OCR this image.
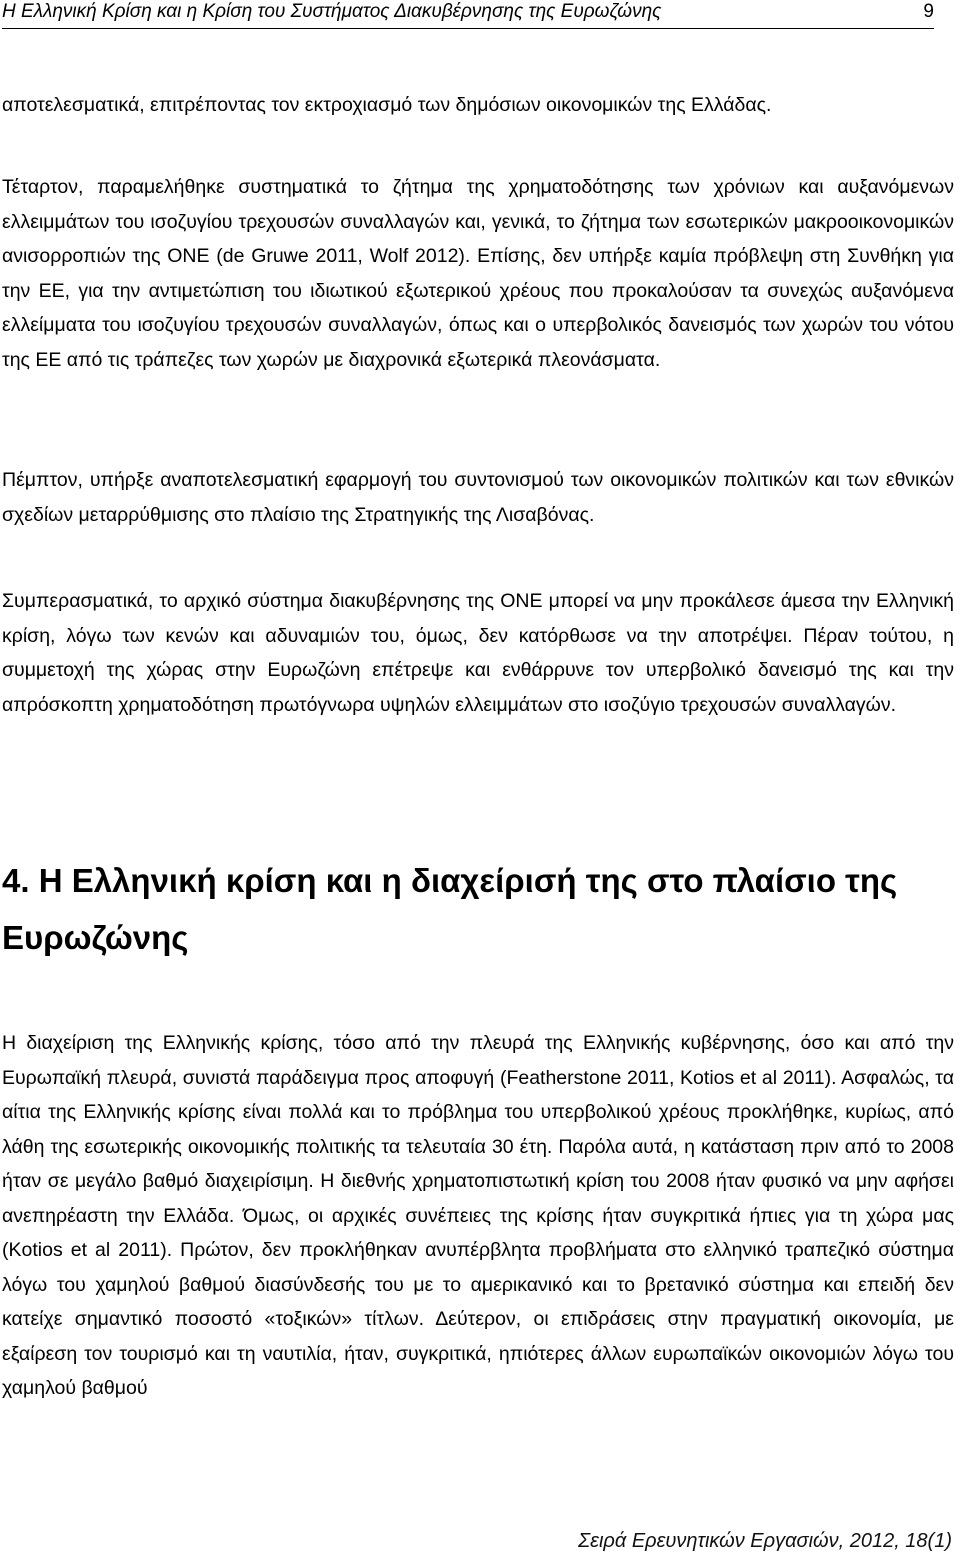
Η Ελληνική Κρίση και η Κρίση του Συστήματος Διακυβέρνησης της Ευρωζώνης	9

αποτελεσματικά, επιτρέποντας τον εκτροχιασμό των δημόσιων οικονομικών της Ελλάδας.

Τέταρτον, παραμελήθηκε συστηματικά το ζήτημα της χρηματοδότησης των χρόνιων και αυξανόμενων ελλειμμάτων του ισοζυγίου τρεχουσών συναλλαγών και, γενικά, το ζήτημα των εσωτερικών μακροοικονομικών ανισορροπιών της ΟΝΕ (de Gruwe 2011, Wolf 2012). Επίσης, δεν υπήρξε καμία πρόβλεψη στη Συνθήκη για την ΕΕ, για την αντιμετώπιση του ιδιωτικού εξωτερικού χρέους που προκαλούσαν τα συνεχώς αυξανόμενα ελλείμματα του ισοζυγίου τρεχουσών συναλλαγών, όπως και ο υπερβολικός δανεισμός των χωρών του νότου της ΕΕ από τις τράπεζες των χωρών με διαχρονικά εξωτερικά πλεονάσματα.

Πέμπτον, υπήρξε αναποτελεσματική εφαρμογή του συντονισμού των οικονομικών πολιτικών και των εθνικών σχεδίων μεταρρύθμισης στο πλαίσιο της Στρατηγικής της Λισαβόνας.

Συμπερασματικά, το αρχικό σύστημα διακυβέρνησης της ΟΝΕ μπορεί να μην προκάλεσε άμεσα την Ελληνική κρίση, λόγω των κενών και αδυναμιών του, όμως, δεν κατόρθωσε να την αποτρέψει. Πέραν τούτου, η συμμετοχή της χώρας στην Ευρωζώνη επέτρεψε και ενθάρρυνε τον υπερβολικό δανεισμό της και την απρόσκοπτη χρηματοδότηση πρωτόγνωρα υψηλών ελλειμμάτων στο ισοζύγιο τρεχουσών συναλλαγών.

4. Η Ελληνική κρίση και η διαχείρισή της στο πλαίσιο της Ευρωζώνης

Η διαχείριση της Ελληνικής κρίσης, τόσο από την πλευρά της Ελληνικής κυβέρνησης, όσο και από την Ευρωπαϊκή πλευρά, συνιστά παράδειγμα προς αποφυγή (Featherstone 2011, Kotios et al 2011). Ασφαλώς, τα αίτια της Ελληνικής κρίσης είναι πολλά και το πρόβλημα του υπερβολικού χρέους προκλήθηκε, κυρίως, από λάθη της εσωτερικής οικονομικής πολιτικής τα τελευταία 30 έτη. Παρόλα αυτά, η κατάσταση πριν από το 2008 ήταν σε μεγάλο βαθμό διαχειρίσιμη. Η διεθνής χρηματοπιστωτική κρίση του 2008 ήταν φυσικό να μην αφήσει ανεπηρέαστη την Ελλάδα. Όμως, οι αρχικές συνέπειες της κρίσης ήταν συγκριτικά ήπιες για τη χώρα μας (Kotios et al 2011). Πρώτον, δεν προκλήθηκαν ανυπέρβλητα προβλήματα στο ελληνικό τραπεζικό σύστημα λόγω του χαμηλού βαθμού διασύνδεσής του με το αμερικανικό και το βρετανικό σύστημα και επειδή δεν κατείχε σημαντικό ποσοστό «τοξικών» τίτλων. Δεύτερον, οι επιδράσεις στην πραγματική οικονομία, με εξαίρεση τον τουρισμό και τη ναυτιλία, ήταν, συγκριτικά, ηπιότερες άλλων ευρωπαϊκών οικονομιών λόγω του χαμηλού βαθμού

Σειρά Ερευνητικών Εργασιών, 2012, 18(1)
